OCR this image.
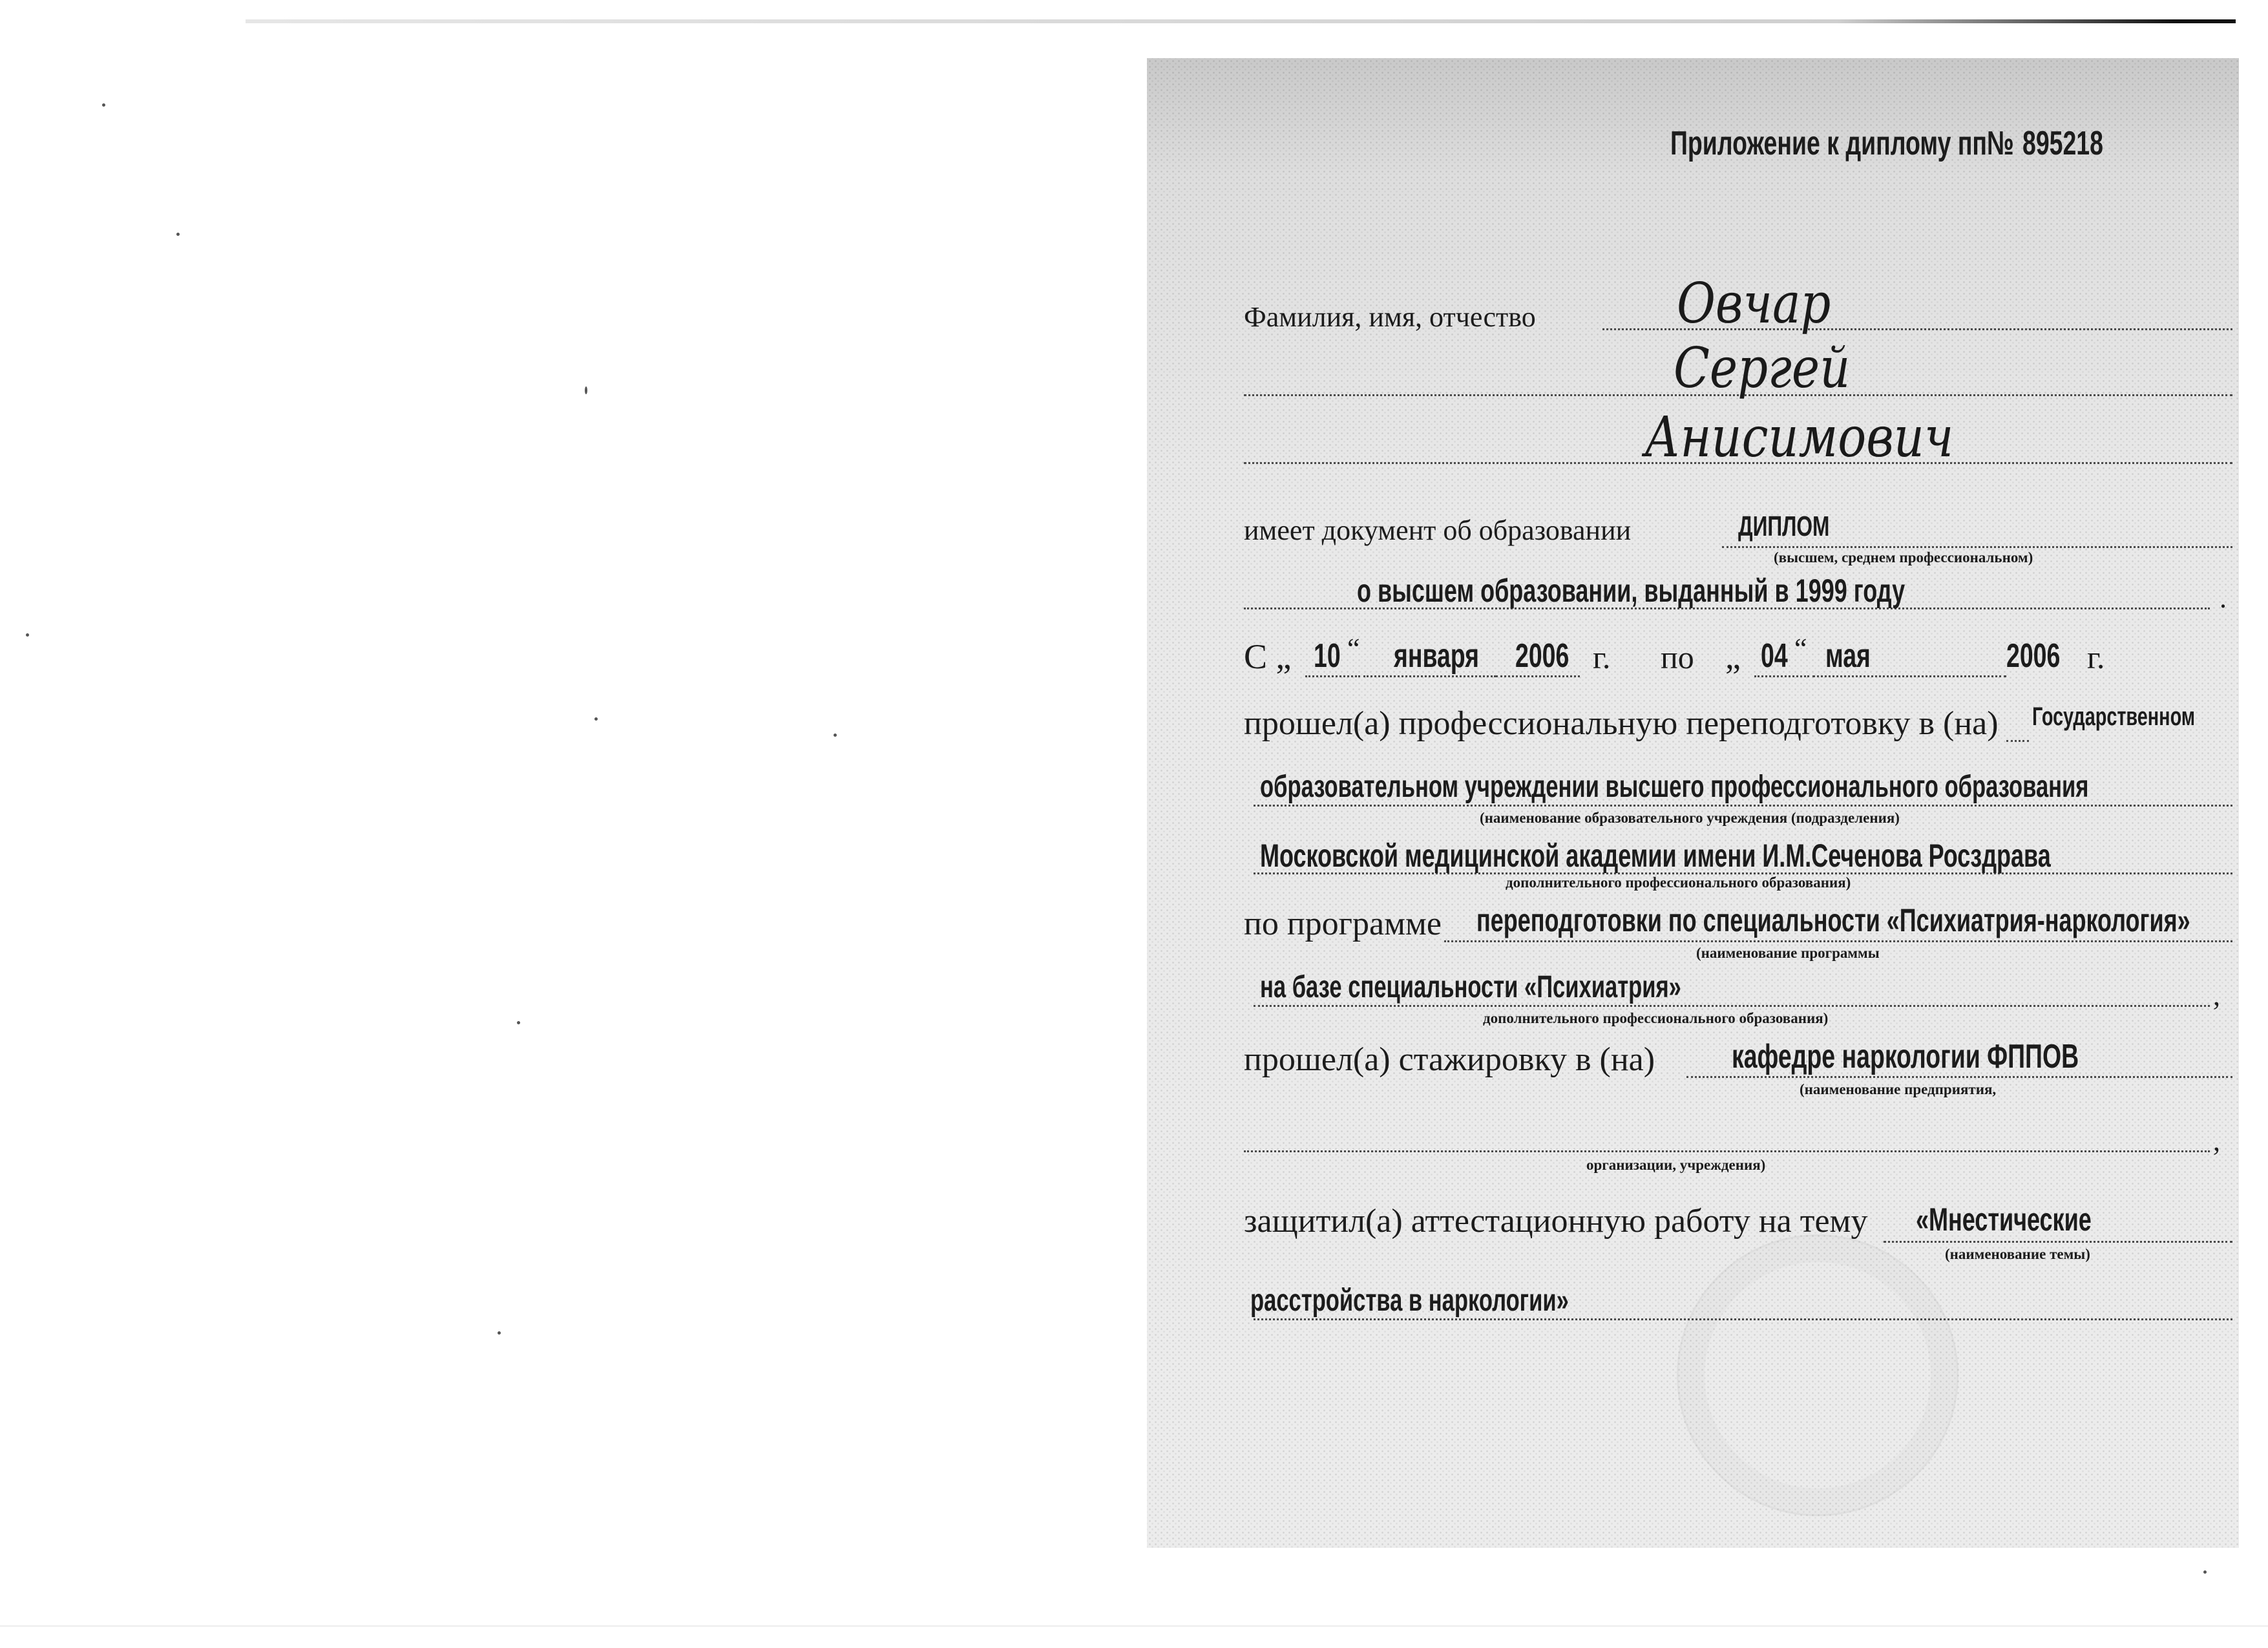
Приложение к диплому пп№ 895218
Фамилия, имя, отчество	Овчар
Сергей
Анисимович
имеет документ об образовании	ДИПЛОМ
(высшем, среднем профессиональном)
о высшем образовании, выданный в 1999 году	.
С „ 10 “ января 2006 г. по „ 04 “ мая	2006 г.
прошел(а) профессиональную переподготовку в (на) Государственном
образовательном учреждении высшего профессионального образования
(наименование образовательного учреждения (подразделения)
Московской медицинской академии имени И.М.Сеченова Росздрава
дополнительного профессионального образования)
по программе переподготовки по специальности «Психиатрия-наркология»
(наименование программы
на базе специальности «Психиатрия»	,
дополнительного профессионального образования)
прошел(а) стажировку в (на) кафедре наркологии ФППОВ
(наименование предприятия,
,
организации, учреждения)
защитил(а) аттестационную работу на тему «Мнестические
(наименование темы)
расстройства в наркологии»
